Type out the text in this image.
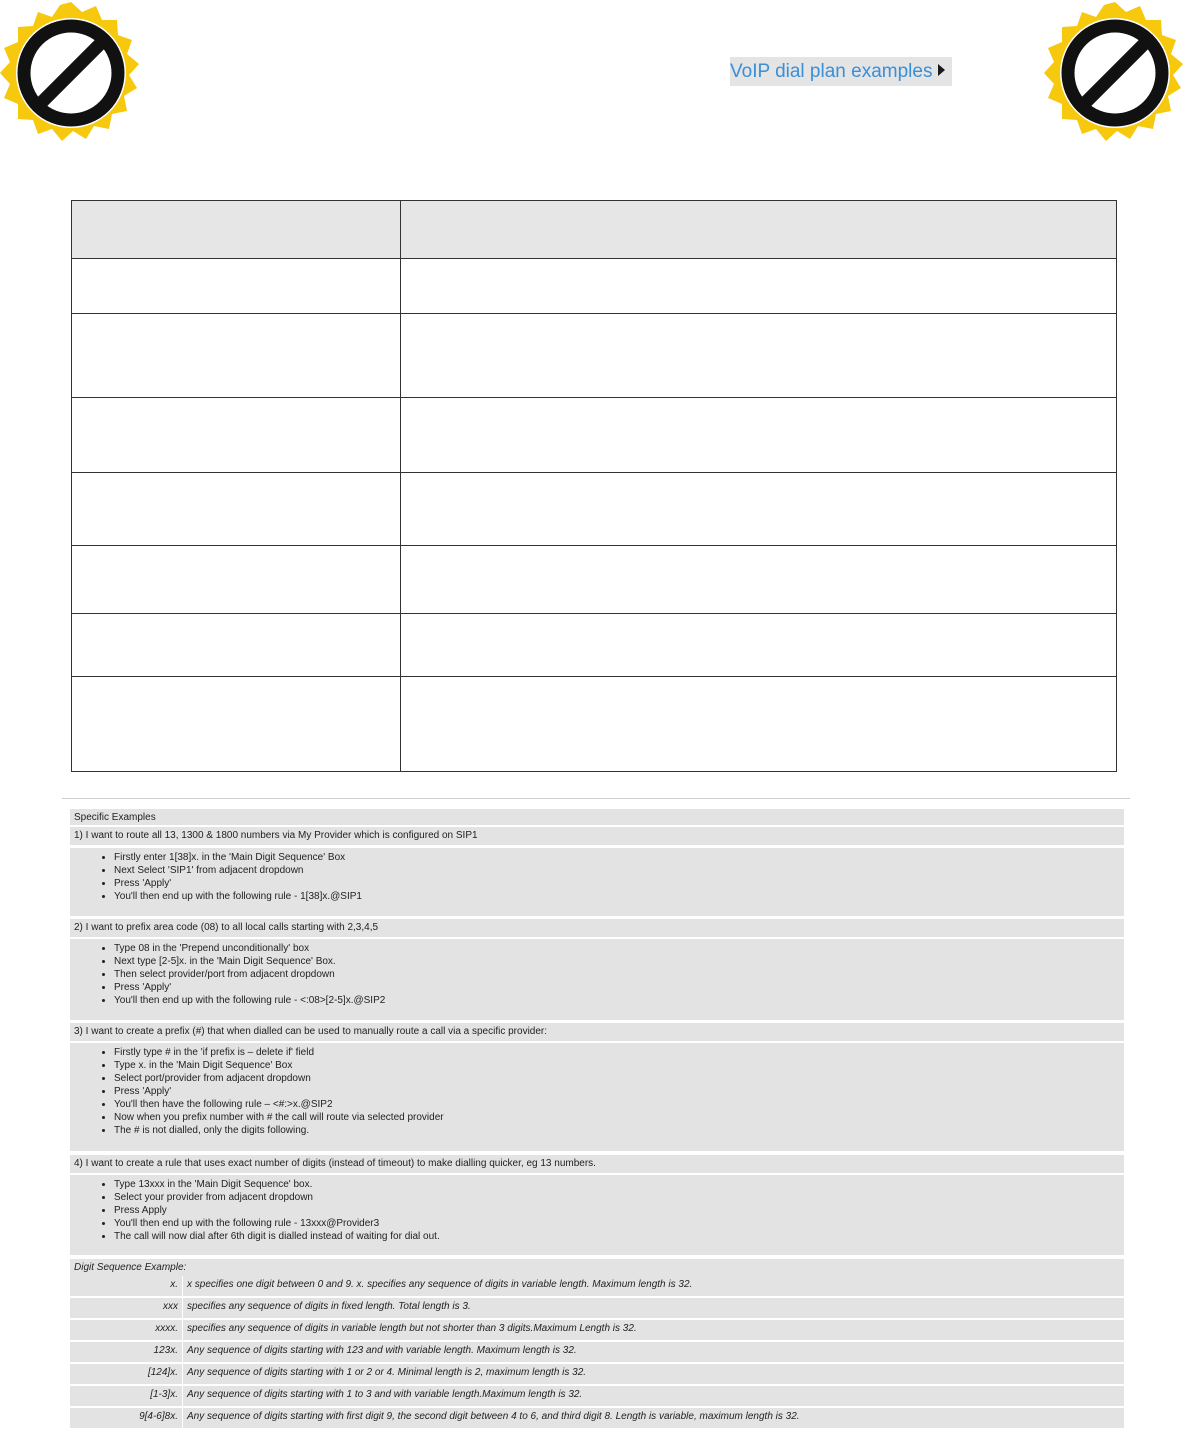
VoIP dial plan examples

Specific Examples
1) I want to route all 13, 1300 & 1800 numbers via My Provider which is configured on SIP1
• Firstly enter 1[38]x. in the 'Main Digit Sequence' Box
• Next Select 'SIP1' from adjacent dropdown
• Press 'Apply'
• You'll then end up with the following rule - 1[38]x.@SIP1
2) I want to prefix area code (08) to all local calls starting with 2,3,4,5
• Type 08 in the 'Prepend unconditionally' box
• Next type [2-5]x. in the 'Main Digit Sequence' Box.
• Then select provider/port from adjacent dropdown
• Press 'Apply'
• You'll then end up with the following rule - <:08>[2-5]x.@SIP2
3) I want to create a prefix (#) that when dialled can be used to manually route a call via a specific provider:
• Firstly type # in the 'if prefix is – delete if' field
• Type x. in the 'Main Digit Sequence' Box
• Select port/provider from adjacent dropdown
• Press 'Apply'
• You'll then have the following rule – <#:>x.@SIP2
• Now when you prefix number with # the call will route via selected provider
• The # is not dialled, only the digits following.
4) I want to create a rule that uses exact number of digits (instead of timeout) to make dialling quicker, eg 13 numbers.
• Type 13xxx in the 'Main Digit Sequence' box.
• Select your provider from adjacent dropdown
• Press Apply
• You'll then end up with the following rule - 13xxx@Provider3
• The call will now dial after 6th digit is dialled instead of waiting for dial out.
Digit Sequence Example:
x. x specifies one digit between 0 and 9. x. specifies any sequence of digits in variable length. Maximum length is 32.
xxx specifies any sequence of digits in fixed length. Total length is 3.
xxxx. specifies any sequence of digits in variable length but not shorter than 3 digits.Maximum Length is 32.
123x. Any sequence of digits starting with 123 and with variable length. Maximum length is 32.
[124]x. Any sequence of digits starting with 1 or 2 or 4. Minimal length is 2, maximum length is 32.
[1-3]x. Any sequence of digits starting with 1 to 3 and with variable length.Maximum length is 32.
9[4-6]8x. Any sequence of digits starting with first digit 9, the second digit between 4 to 6, and third digit 8. Length is variable, maximum length is 32.
